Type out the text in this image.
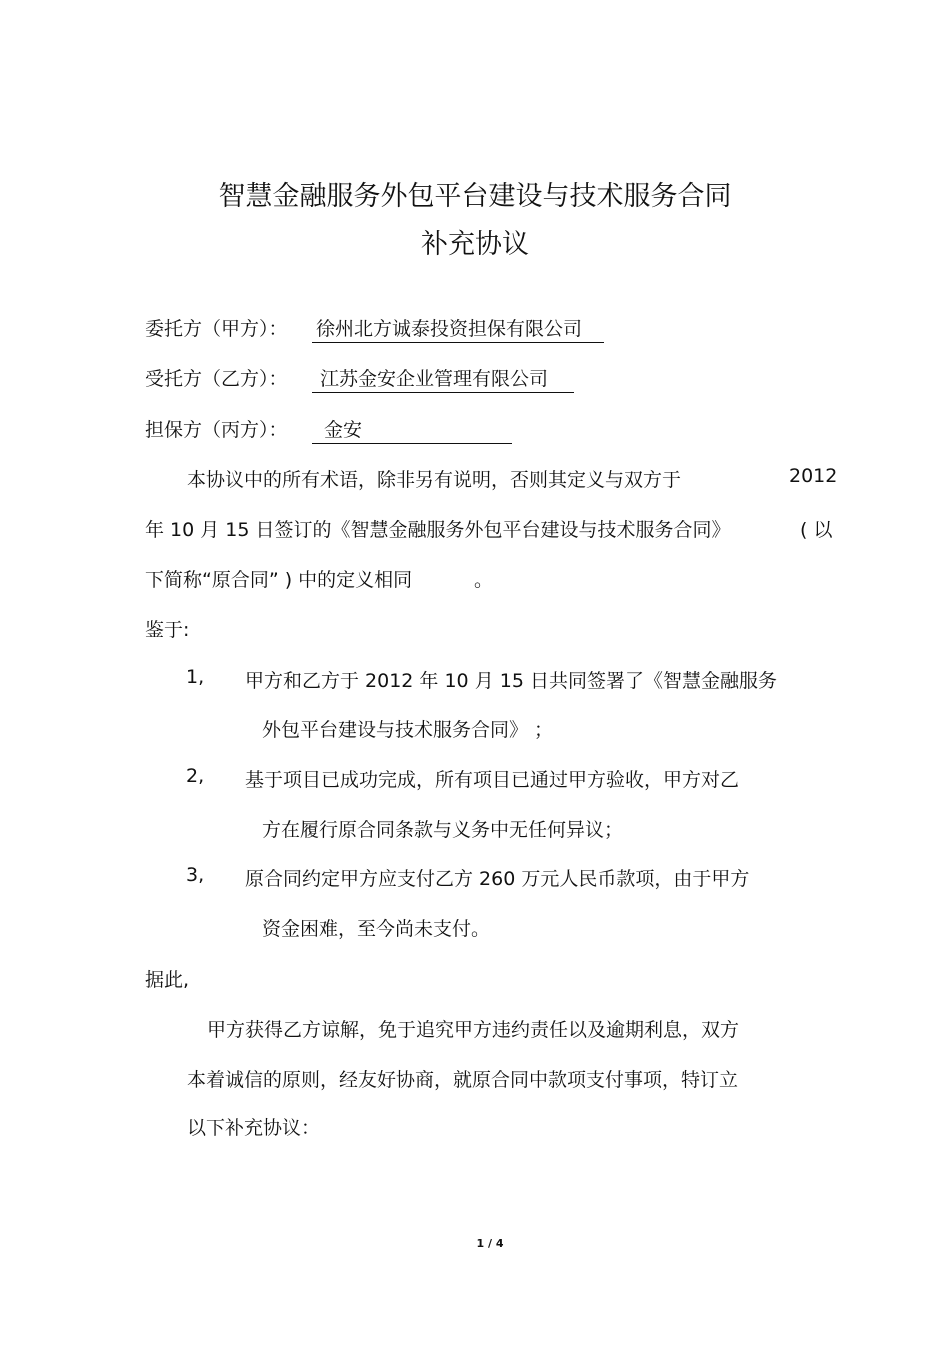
智慧金融服务外包平台建设与技术服务合同
补充协议
委托方（甲方）： 徐州北方诚泰投资担保有限公司
受托方（乙方）：	江苏金安企业管理有限公司
担保方（丙方）：	金安
本协议中的所有术语，除非另有说明，否则其定义与双方于	2012
年 10 月 15 日签订的《智慧金融服务外包平台建设与技术服务合同》	( 以
下简称“原合同” ) 中的定义相同	。
鉴于:
1, 甲方和乙方于 2012 年 10 月 15 日共同签署了《智慧金融服务
外包平台建设与技术服务合同》 ；
2, 基于项目已成功完成，所有项目已通过甲方验收，甲方对乙
方在履行原合同条款与义务中无任何异议；
3, 原合同约定甲方应支付乙方 260 万元人民币款项，由于甲方
资金困难，至今尚未支付。
据此,
甲方获得乙方谅解，免于追究甲方违约责任以及逾期利息，双方
本着诚信的原则，经友好协商，就原合同中款项支付事项，特订立
以下补充协议：
1 / 4
